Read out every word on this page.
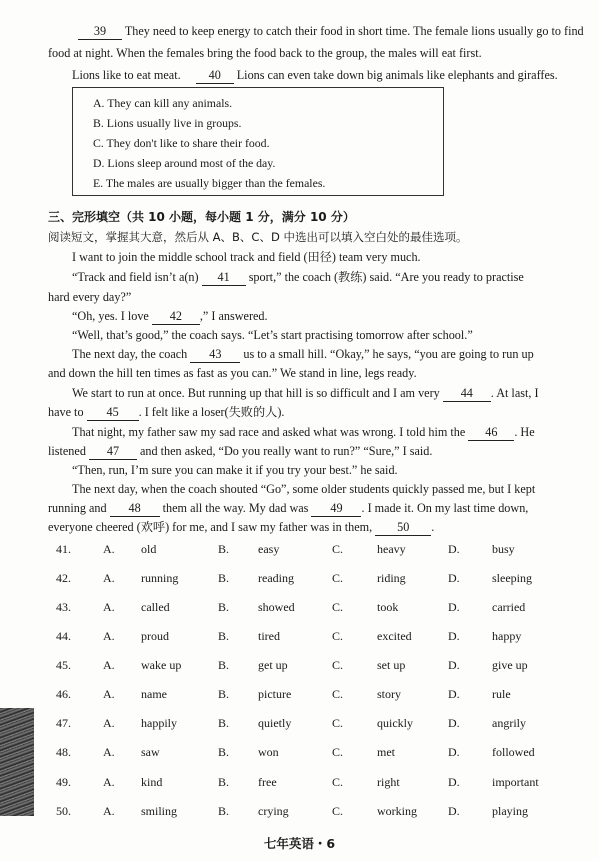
39 They need to keep energy to catch their food in short time. The female lions usually go to find
food at night. When the females bring the food back to the group, the males will eat first.
Lions like to eat meat. 40 Lions can even take down big animals like elephants and giraffes.
A. They can kill any animals.
B. Lions usually live in groups.
C. They don't like to share their food.
D. Lions sleep around most of the day.
E. The males are usually bigger than the females.
三、完形填空（共 10 小题，每小题 1 分，满分 10 分）
阅读短文，掌握其大意，然后从 A、B、C、D 中选出可以填入空白处的最佳选项。
I want to join the middle school track and field (田径) team very much.
“Track and field isn’t a(n) 41 sport,” the coach (教练) said. “Are you ready to practise
hard every day?”
“Oh, yes. I love 42 ,” I answered.
“Well, that’s good,” the coach says. “Let’s start practising tomorrow after school.”
The next day, the coach 43 us to a small hill. “Okay,” he says, “you are going to run up
and down the hill ten times as fast as you can.” We stand in line, legs ready.
We start to run at once. But running up that hill is so difficult and I am very 44 . At last, I
have to 45 . I felt like a loser(失败的人).
That night, my father saw my sad race and asked what was wrong. I told him the 46 . He
listened 47 and then asked, “Do you really want to run?” “Sure,” I said.
“Then, run, I’m sure you can make it if you try your best.” he said.
The next day, when the coach shouted “Go”, some older students quickly passed me, but I kept
running and 48 them all the way. My dad was 49 . I made it. On my last time down,
everyone cheered (欢呼) for me, and I saw my father was in them, 50 .
41.	A. old	B. easy	C.	heavy	D.	busy
42.	A. running	B. reading	C.	riding	D.	sleeping
43.	A. called	B. showed	C.	took	D.	carried
44.	A. proud	B. tired	C.	excited	D.	happy
45.	A. wake up	B. get up	C.	set up	D.	give up
46.	A. name	B. picture	C.	story	D.	rule
47.	A. happily	B. quietly	C.	quickly	D.	angrily
48.	A. saw	B. won	C.	met	D.	followed
49.	A. kind	B. free	C.	right	D.	important
50.	A. smiling	B. crying	C.	working	D.	playing
七年英语・6
